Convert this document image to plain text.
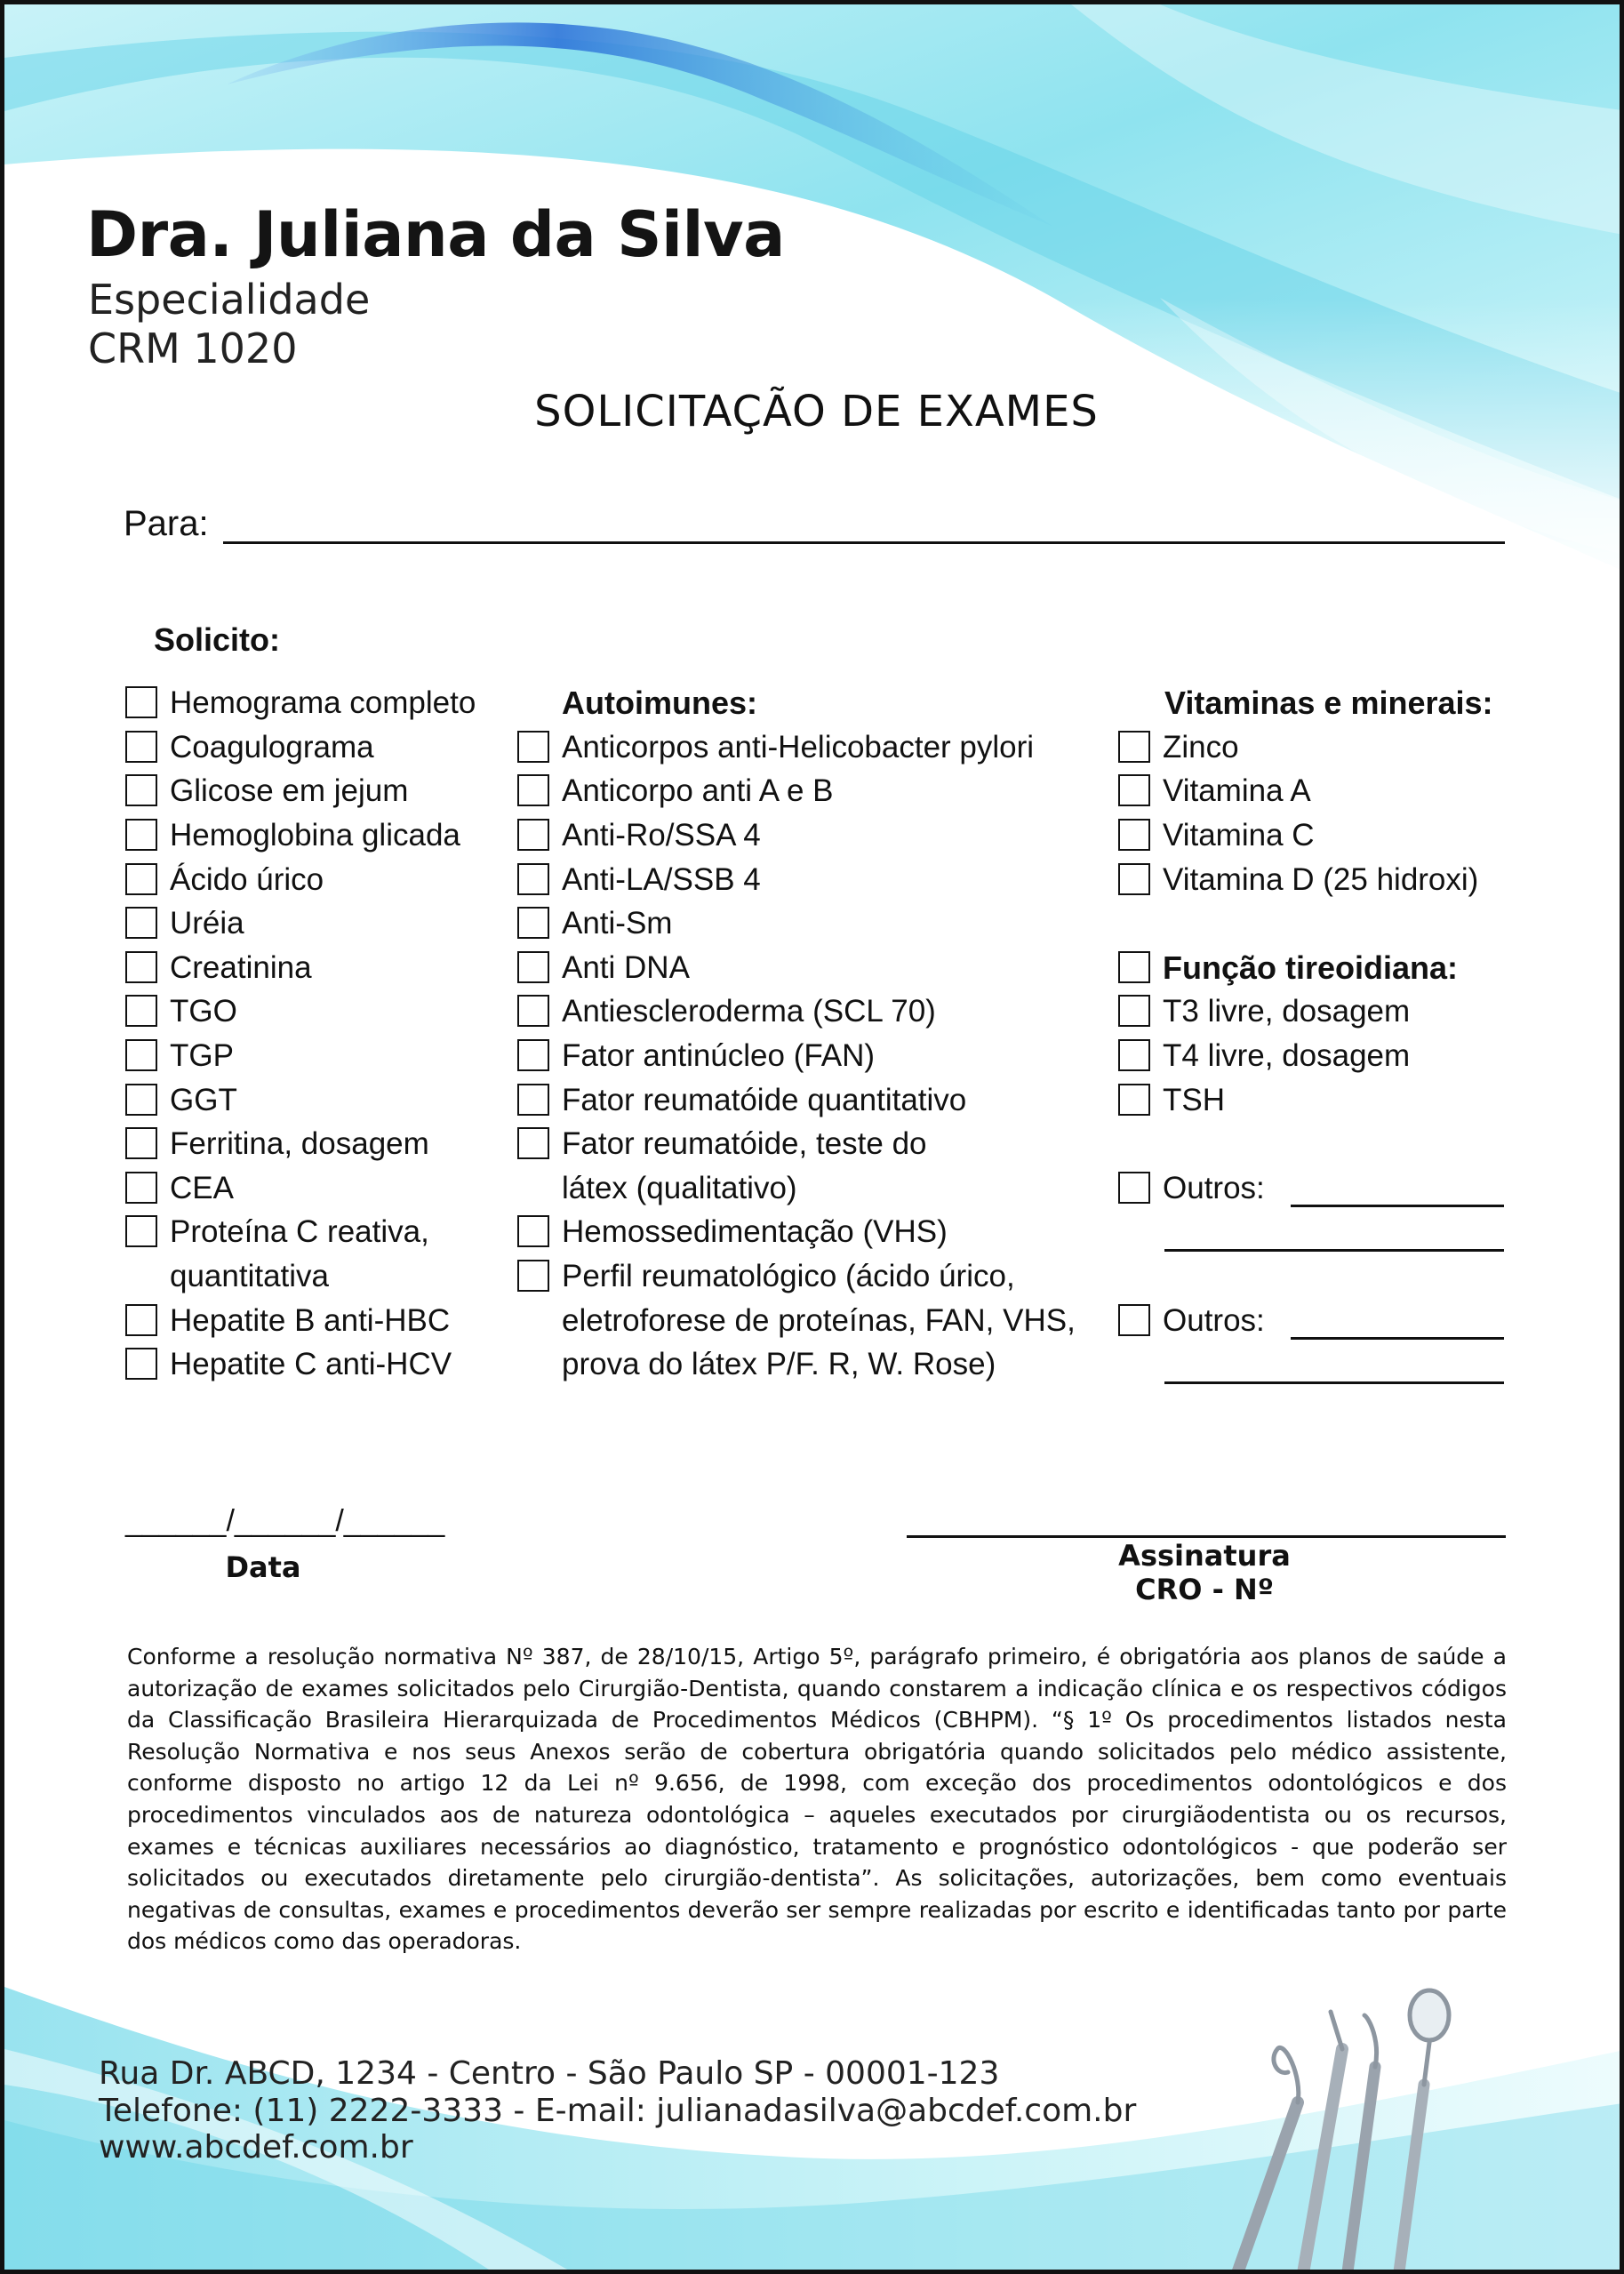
Dra. Juliana da Silva
Especialidade
CRM 1020
SOLICITAÇÃO DE EXAMES
Para:
Solicito:
Hemograma completo
Coagulograma
Glicose em jejum
Hemoglobina glicada
Ácido úrico
Uréia
Creatinina
TGO
TGP
GGT
Ferritina, dosagem
CEA
Proteína C reativa,
quantitativa
Hepatite B anti-HBC
Hepatite C anti-HCV
Autoimunes:
Anticorpos anti-Helicobacter pylori
Anticorpo anti A e B
Anti-Ro/SSA 4
Anti-LA/SSB 4
Anti-Sm
Anti DNA
Antiescleroderma (SCL 70)
Fator antinúcleo (FAN)
Fator reumatóide quantitativo
Fator reumatóide, teste do
látex (qualitativo)
Hemossedimentação (VHS)
Perfil reumatológico (ácido úrico,
eletroforese de proteínas, FAN, VHS,
prova do látex P/F. R, W. Rose)
Vitaminas e minerais:
Zinco
Vitamina A
Vitamina C
Vitamina D (25 hidroxi)
Função tireoidiana:
T3 livre, dosagem
T4 livre, dosagem
TSH
Outros:
Outros:
______/______/______
Data	Assinatura
CRO - Nº
Conforme a resolução normativa Nº 387, de 28/10/15, Artigo 5º, parágrafo primeiro, é obrigatória aos planos de saúde a autorização de exames solicitados pelo Cirurgião-Dentista, quando constarem a indicação clínica e os respectivos códigos da Classificação Brasileira Hierarquizada de Procedimentos Médicos (CBHPM). “§ 1º Os procedimentos listados nesta Resolução Normativa e nos seus Anexos serão de cobertura obrigatória quando solicitados pelo médico assistente, conforme disposto no artigo 12 da Lei nº 9.656, de 1998, com exceção dos procedimentos odontológicos e dos procedimentos vinculados aos de natureza odontológica – aqueles executados por cirurgiãodentista ou os recursos, exames e técnicas auxiliares necessários ao diagnóstico, tratamento e prognóstico odontológicos - que poderão ser solicitados ou executados diretamente pelo cirurgião-dentista”. As solicitações, autorizações, bem como eventuais negativas de consultas, exames e procedimentos deverão ser sempre realizadas por escrito e identificadas tanto por parte dos médicos como das operadoras.
Rua Dr. ABCD, 1234 - Centro - São Paulo SP - 00001-123
Telefone: (11) 2222-3333 - E-mail: julianadasilva@abcdef.com.br
www.abcdef.com.br
